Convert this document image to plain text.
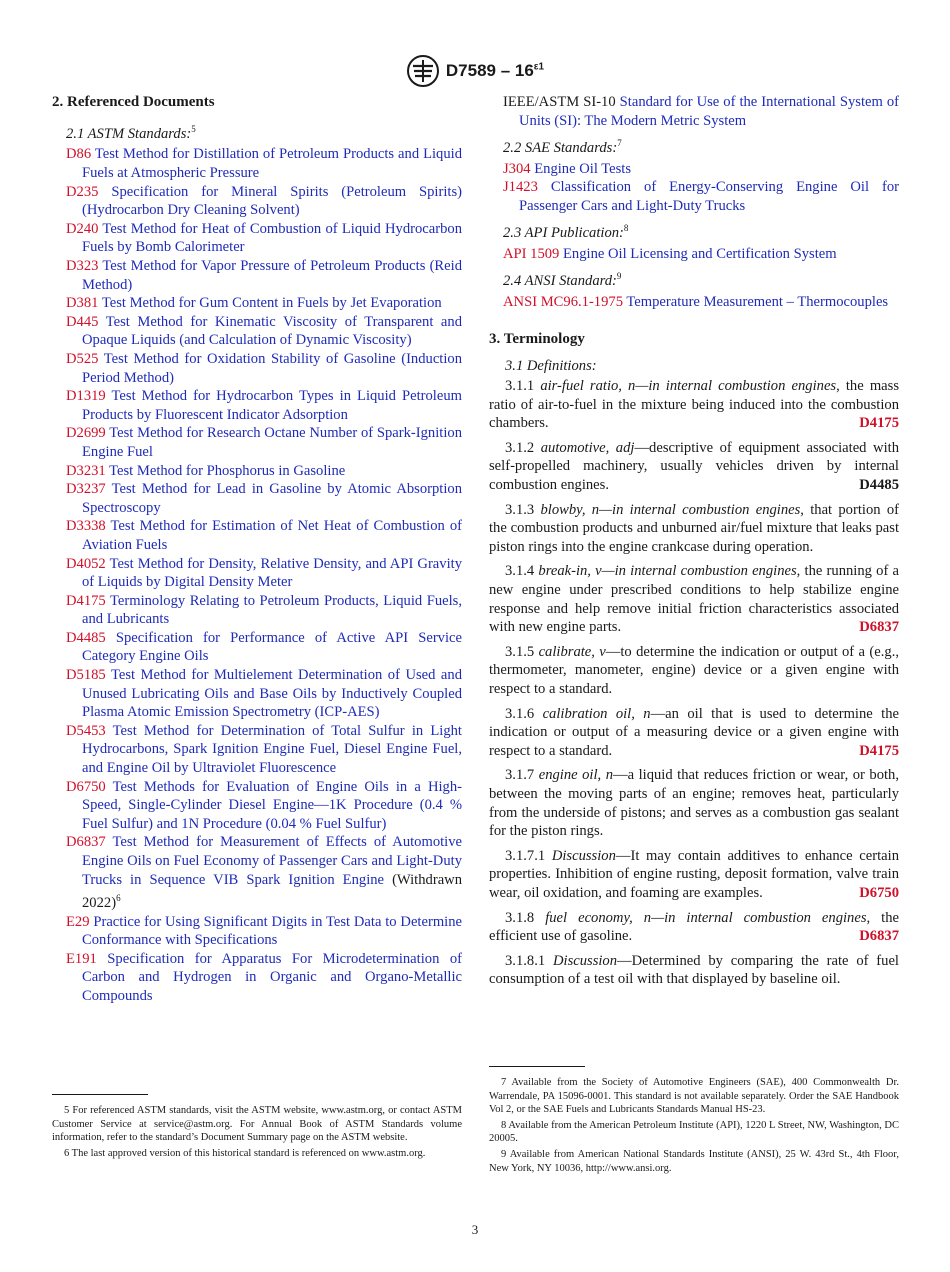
$D7589 - 16^{\varepsilon 1}$
2. Referenced Documents
2.1 ASTM Standards:$^5$
D86 Test Method for Distillation of Petroleum Products and Liquid Fuels at Atmospheric Pressure
D235 Specification for Mineral Spirits (Petroleum Spirits) (Hydrocarbon Dry Cleaning Solvent)
D240 Test Method for Heat of Combustion of Liquid Hydrocarbon Fuels by Bomb Calorimeter
D323 Test Method for Vapor Pressure of Petroleum Products (Reid Method)
D381 Test Method for Gum Content in Fuels by Jet Evaporation
D445 Test Method for Kinematic Viscosity of Transparent and Opaque Liquids (and Calculation of Dynamic Viscosity)
D525 Test Method for Oxidation Stability of Gasoline (Induction Period Method)
D1319 Test Method for Hydrocarbon Types in Liquid Petroleum Products by Fluorescent Indicator Adsorption
D2699 Test Method for Research Octane Number of Spark-Ignition Engine Fuel
D3231 Test Method for Phosphorus in Gasoline
D3237 Test Method for Lead in Gasoline by Atomic Absorption Spectroscopy
D3338 Test Method for Estimation of Net Heat of Combustion of Aviation Fuels
D4052 Test Method for Density, Relative Density, and API Gravity of Liquids by Digital Density Meter
D4175 Terminology Relating to Petroleum Products, Liquid Fuels, and Lubricants
D4485 Specification for Performance of Active API Service Category Engine Oils
D5185 Test Method for Multielement Determination of Used and Unused Lubricating Oils and Base Oils by Inductively Coupled Plasma Atomic Emission Spectrometry (ICP-AES)
D5453 Test Method for Determination of Total Sulfur in Light Hydrocarbons, Spark Ignition Engine Fuel, Diesel Engine Fuel, and Engine Oil by Ultraviolet Fluorescence
D6750 Test Methods for Evaluation of Engine Oils in a High-Speed, Single-Cylinder Diesel Engine—1K Procedure (0.4 % Fuel Sulfur) and 1N Procedure (0.04 % Fuel Sulfur)
D6837 Test Method for Measurement of Effects of Automotive Engine Oils on Fuel Economy of Passenger Cars and Light-Duty Trucks in Sequence VIB Spark Ignition Engine (Withdrawn 2022)$^6$
E29 Practice for Using Significant Digits in Test Data to Determine Conformance with Specifications
E191 Specification for Apparatus For Microdetermination of Carbon and Hydrogen in Organic and Organo-Metallic Compounds

5 For referenced ASTM standards, visit the ASTM website, www.astm.org, or contact ASTM Customer Service at service@astm.org. For Annual Book of ASTM Standards volume information, refer to the standard’s Document Summary page on the ASTM website.

6 The last approved version of this historical standard is referenced on www.astm.org.

IEEE/ASTM SI-10 Standard for Use of the International System of Units (SI): The Modern Metric System
2.2 SAE Standards:$^7$
J304 Engine Oil Tests
J1423 Classification of Energy-Conserving Engine Oil for Passenger Cars and Light-Duty Trucks
2.3 API Publication:$^8$
API 1509 Engine Oil Licensing and Certification System
2.4 ANSI Standard:$^9$
ANSI MC96.1-1975 Temperature Measurement – Thermocouples
3. Terminology
3.1 Definitions:

3.1.1 air-fuel ratio, n—in internal combustion engines, the mass ratio of air-to-fuel in the mixture being induced into the combustion chambers.	D4175

3.1.2 automotive, adj—descriptive of equipment associated with self-propelled machinery, usually vehicles driven by internal combustion engines.	D4485

3.1.3 blowby, n—in internal combustion engines, that portion of the combustion products and unburned air/fuel mixture that leaks past piston rings into the engine crankcase during operation.

3.1.4 break-in, v—in internal combustion engines, the running of a new engine under prescribed conditions to help stabilize engine response and help remove initial friction characteristics associated with new engine parts.	D6837

3.1.5 calibrate, v—to determine the indication or output of a (e.g., thermometer, manometer, engine) device or a given engine with respect to a standard.

3.1.6 calibration oil, n—an oil that is used to determine the indication or output of a measuring device or a given engine with respect to a standard.	D4175

3.1.7 engine oil, n—a liquid that reduces friction or wear, or both, between the moving parts of an engine; removes heat, particularly from the underside of pistons; and serves as a combustion gas sealant for the piston rings.

3.1.7.1 Discussion—It may contain additives to enhance certain properties. Inhibition of engine rusting, deposit formation, valve train wear, oil oxidation, and foaming are examples.	D6750

3.1.8 fuel economy, n—in internal combustion engines, the efficient use of gasoline.	D6837

3.1.8.1 Discussion—Determined by comparing the rate of fuel consumption of a test oil with that displayed by baseline oil.

7 Available from the Society of Automotive Engineers (SAE), 400 Commonwealth Dr. Warrendale, PA 15096-0001. This standard is not available separately. Order the SAE Handbook Vol 2, or the SAE Fuels and Lubricants Standards Manual HS-23.

8 Available from the American Petroleum Institute (API), 1220 L Street, NW, Washington, DC 20005.

9 Available from American National Standards Institute (ANSI), 25 W. 43rd St., 4th Floor, New York, NY 10036, http://www.ansi.org.

3
